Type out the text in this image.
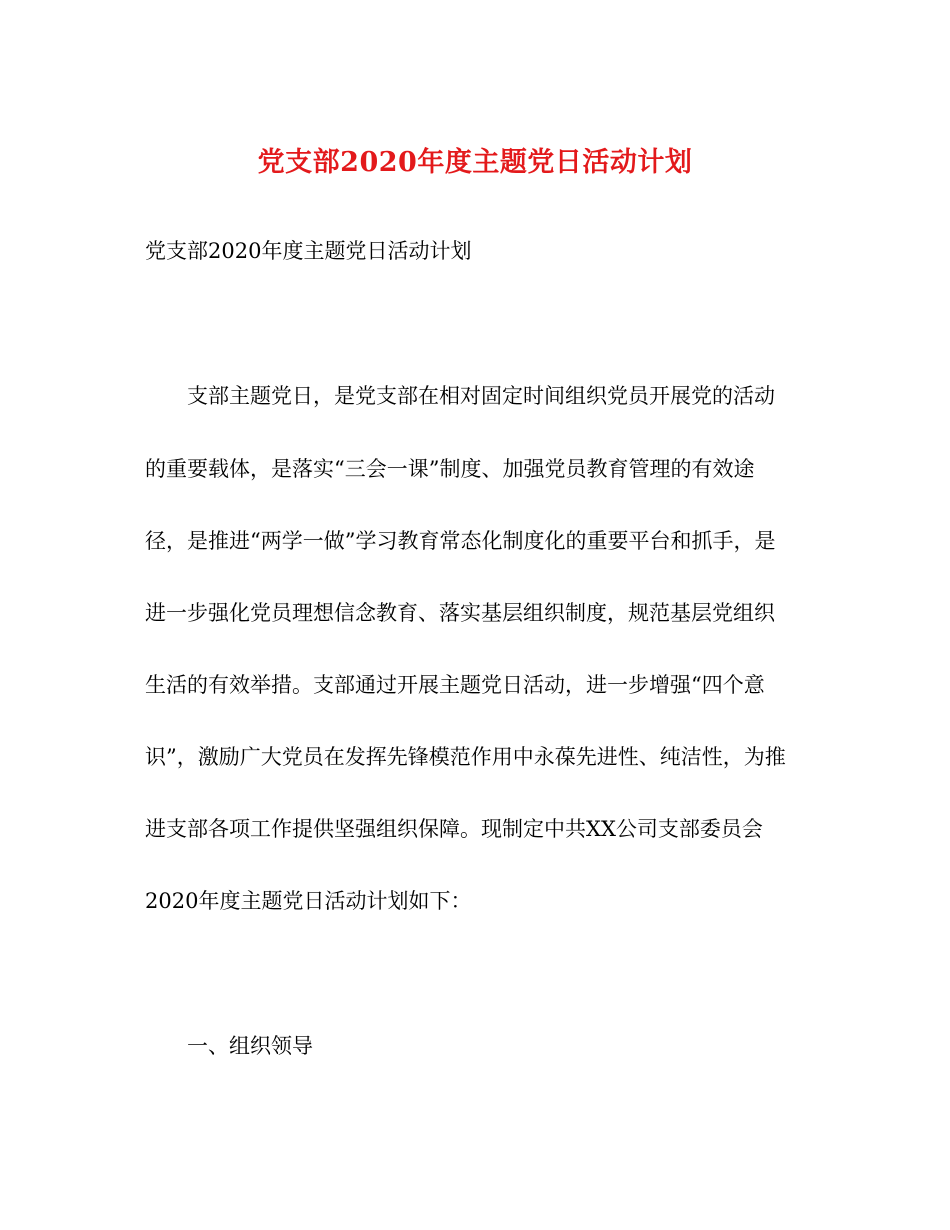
党支部2020年度主题党日活动计划
党支部2020年度主题党日活动计划
支部主题党日，是党支部在相对固定时间组织党员开展党的活动
的重要载体，是落实“三会一课”制度、加强党员教育管理的有效途
径，是推进“两学一做”学习教育常态化制度化的重要平台和抓手，是
进一步强化党员理想信念教育、落实基层组织制度，规范基层党组织
生活的有效举措。支部通过开展主题党日活动，进一步增强“四个意
识”，激励广大党员在发挥先锋模范作用中永葆先进性、纯洁性，为推
进支部各项工作提供坚强组织保障。现制定中共XX公司支部委员会
2020年度主题党日活动计划如下：
一、组织领导
